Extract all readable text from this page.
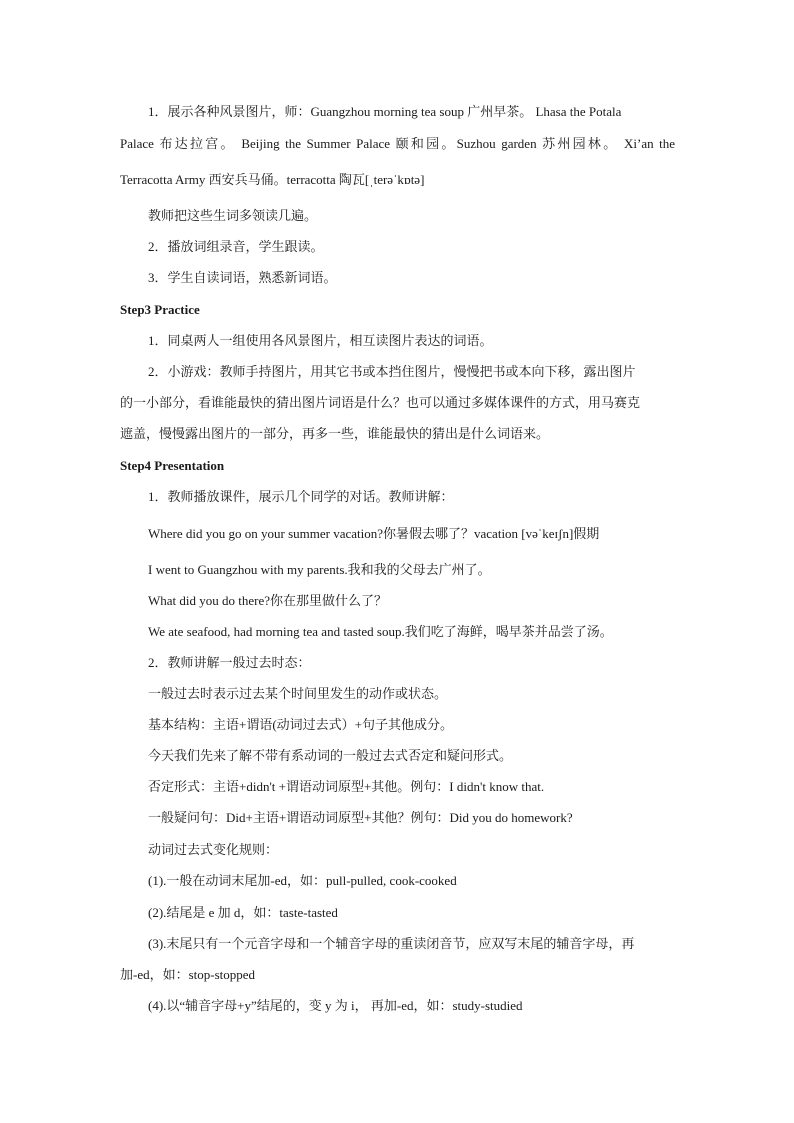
1．展示各种风景图片，师：Guangzhou morning tea soup 广州早茶。 Lhasa the Potala
Palace 布达拉宫。 Beijing the Summer Palace 颐和园。Suzhou garden 苏州园林。 Xi’an the
Terracotta Army 西安兵马俑。terracotta 陶瓦[ˌterəˈkɒtə]
教师把这些生词多领读几遍。
2．播放词组录音，学生跟读。
3．学生自读词语，熟悉新词语。
Step3 Practice
1．同桌两人一组使用各风景图片，相互读图片表达的词语。
2．小游戏：教师手持图片，用其它书或本挡住图片，慢慢把书或本向下移，露出图片
的一小部分，看谁能最快的猜出图片词语是什么？也可以通过多媒体课件的方式，用马赛克
遮盖，慢慢露出图片的一部分，再多一些，谁能最快的猜出是什么词语来。
Step4 Presentation
1．教师播放课件，展示几个同学的对话。教师讲解：
Where did you go on your summer vacation?你暑假去哪了？vacation [vəˈkeɪʃn]假期
I went to Guangzhou with my parents.我和我的父母去广州了。
What did you do there?你在那里做什么了？
We ate seafood, had morning tea and tasted soup.我们吃了海鲜，喝早茶并品尝了汤。
2．教师讲解一般过去时态：
一般过去时表示过去某个时间里发生的动作或状态。
基本结构：主语+谓语(动词过去式）+句子其他成分。
今天我们先来了解不带有系动词的一般过去式否定和疑问形式。
否定形式：主语+didn't +谓语动词原型+其他。例句：I didn't know that.
一般疑问句：Did+主语+谓语动词原型+其他？例句：Did you do homework?
动词过去式变化规则：
(1).一般在动词末尾加-ed，如：pull-pulled, cook-cooked
(2).结尾是 e 加 d，如：taste-tasted
(3).末尾只有一个元音字母和一个辅音字母的重读闭音节，应双写末尾的辅音字母，再
加-ed，如：stop-stopped
(4).以“辅音字母+y”结尾的，变 y 为 i， 再加-ed，如：study-studied
